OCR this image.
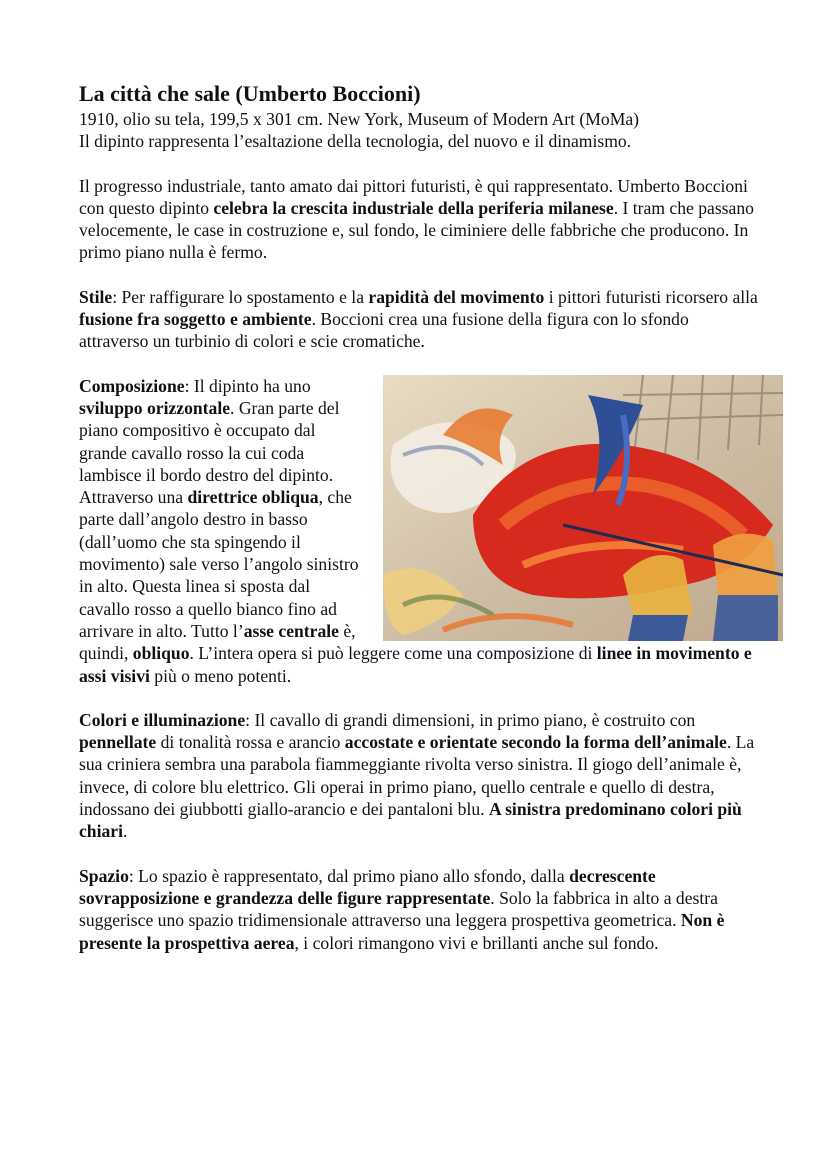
La città che sale (Umberto Boccioni)

1910, olio su tela, 199,5 x 301 cm. New York, Museum of Modern Art (MoMa)

Il dipinto rappresenta l’esaltazione della tecnologia, del nuovo e il dinamismo.

Il progresso industriale, tanto amato dai pittori futuristi, è qui rappresentato. Umberto Boccioni con questo dipinto celebra la crescita industriale della periferia milanese. I tram che passano velocemente, le case in costruzione e, sul fondo, le ciminiere delle fabbriche che producono. In primo piano nulla è fermo.

Stile: Per raffigurare lo spostamento e la rapidità del movimento i pittori futuristi ricorsero alla fusione fra soggetto e ambiente. Boccioni crea una fusione della figura con lo sfondo attraverso un turbinio di colori e scie cromatiche.

Composizione: Il dipinto ha uno sviluppo orizzontale. Gran parte del piano compositivo è occupato dal grande cavallo rosso la cui coda lambisce il bordo destro del dipinto. Attraverso una direttrice obliqua, che parte dall’angolo destro in basso (dall’uomo che sta spingendo il movimento) sale verso l’angolo sinistro in alto. Questa linea si sposta dal cavallo rosso a quello bianco fino ad arrivare in alto. Tutto l’asse centrale è, quindi, obliquo. L’intera opera si può leggere come una composizione di linee in movimento e assi visivi più o meno potenti.

Colori e illuminazione: Il cavallo di grandi dimensioni, in primo piano, è costruito con pennellate di tonalità rossa e arancio accostate e orientate secondo la forma dell’animale. La sua criniera sembra una parabola fiammeggiante rivolta verso sinistra. Il giogo dell’animale è, invece, di colore blu elettrico. Gli operai in primo piano, quello centrale e quello di destra, indossano dei giubbotti giallo-arancio e dei pantaloni blu. A sinistra predominano colori più chiari.

Spazio: Lo spazio è rappresentato, dal primo piano allo sfondo, dalla decrescente sovrapposizione e grandezza delle figure rappresentate. Solo la fabbrica in alto a destra suggerisce uno spazio tridimensionale attraverso una leggera prospettiva geometrica. Non è presente la prospettiva aerea, i colori rimangono vivi e brillanti anche sul fondo.
